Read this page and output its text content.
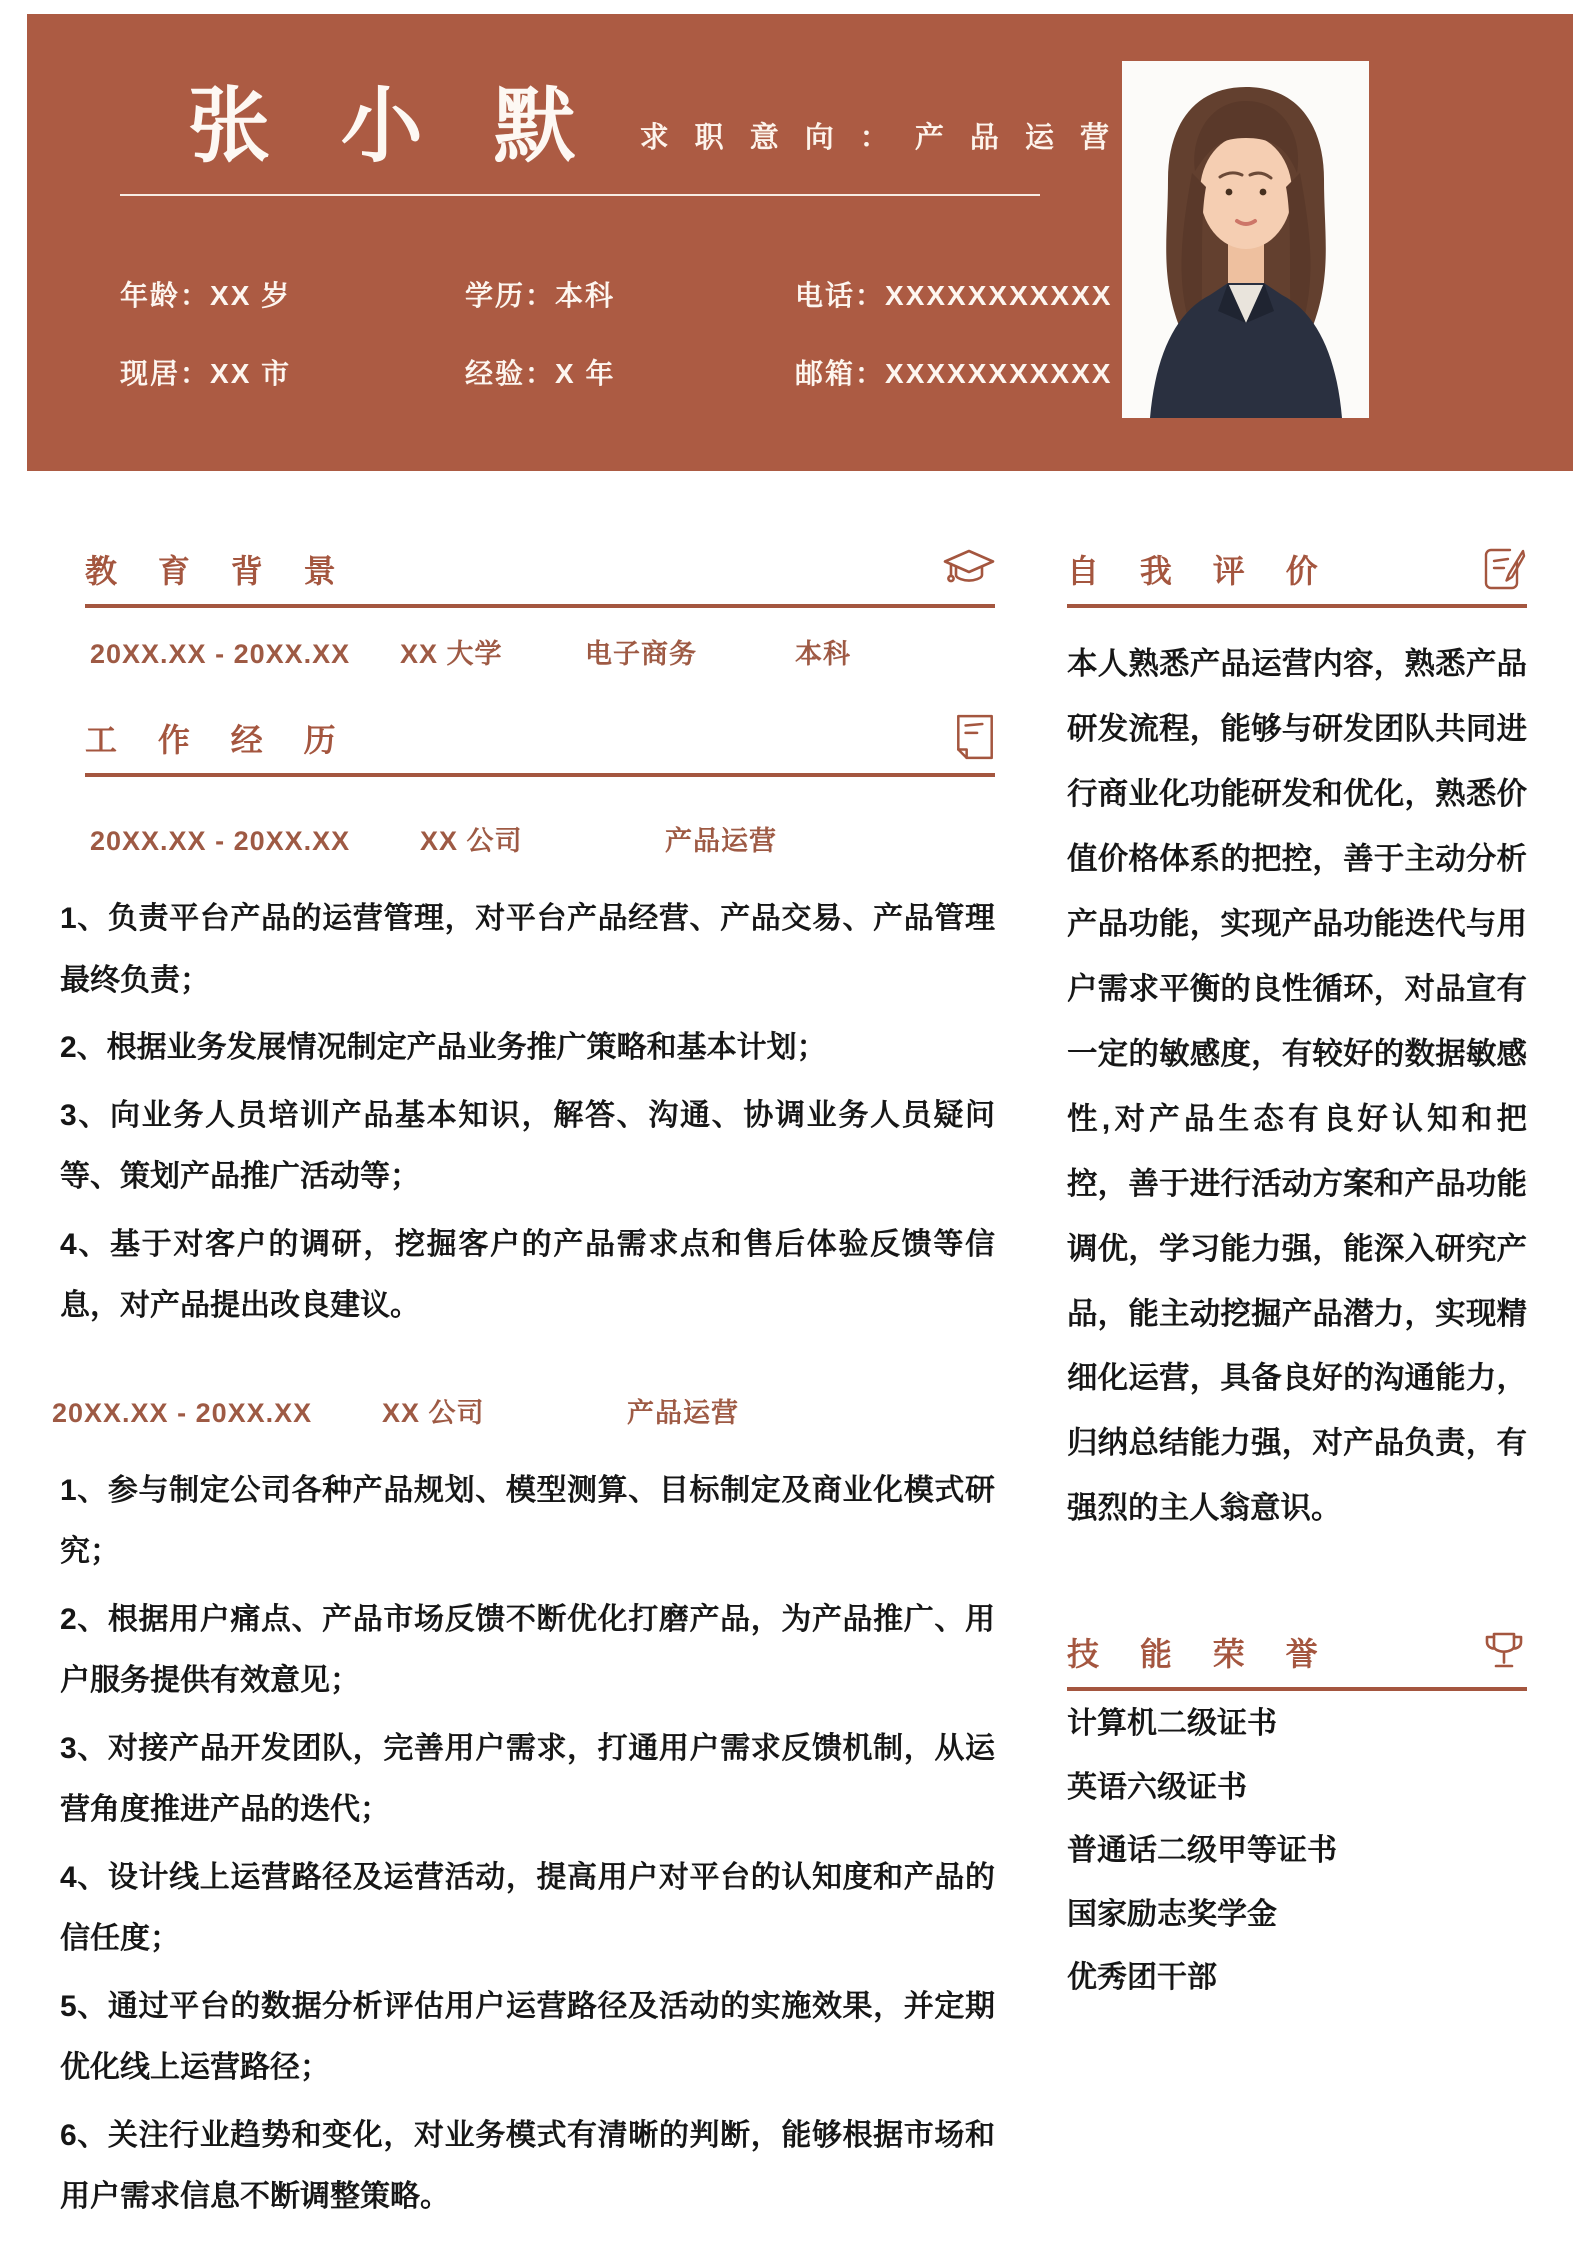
张 小 默 求 职 意 向 ： 产 品 运 营
年龄：XX 岁	学历：本科	电话：XXXXXXXXXXX
现居：XX 市	经验：X 年	邮箱：XXXXXXXXXXX
教 育 背 景
20XX.XX - 20XX.XX	XX 大学	电子商务	本科
工 作 经 历
20XX.XX - 20XX.XX	XX 公司	产品运营

1、负责平台产品的运营管理，对平台产品经营、产品交易、产品管理最终负责；

2、根据业务发展情况制定产品业务推广策略和基本计划；

3、向业务人员培训产品基本知识，解答、沟通、协调业务人员疑问等、策划产品推广活动等；

4、基于对客户的调研，挖掘客户的产品需求点和售后体验反馈等信息，对产品提出改良建议。

20XX.XX - 20XX.XX	XX 公司	产品运营

1、参与制定公司各种产品规划、模型测算、目标制定及商业化模式研究；

2、根据用户痛点、产品市场反馈不断优化打磨产品，为产品推广、用户服务提供有效意见；

3、对接产品开发团队，完善用户需求，打通用户需求反馈机制，从运营角度推进产品的迭代；

4、设计线上运营路径及运营活动，提高用户对平台的认知度和产品的信任度；

5、通过平台的数据分析评估用户运营路径及活动的实施效果，并定期优化线上运营路径；

6、关注行业趋势和变化，对业务模式有清晰的判断，能够根据市场和用户需求信息不断调整策略。

自 我 评 价

本人熟悉产品运营内容，熟悉产品研发流程，能够与研发团队共同进行商业化功能研发和优化，熟悉价值价格体系的把控，善于主动分析产品功能，实现产品功能迭代与用户需求平衡的良性循环，对品宣有一定的敏感度，有较好的数据敏感性,对产品生态有良好认知和把控，善于进行活动方案和产品功能调优，学习能力强，能深入研究产品，能主动挖掘产品潜力，实现精细化运营，具备良好的沟通能力，归纳总结能力强，对产品负责，有强烈的主人翁意识。

技 能 荣 誉

计算机二级证书

英语六级证书

普通话二级甲等证书

国家励志奖学金

优秀团干部
